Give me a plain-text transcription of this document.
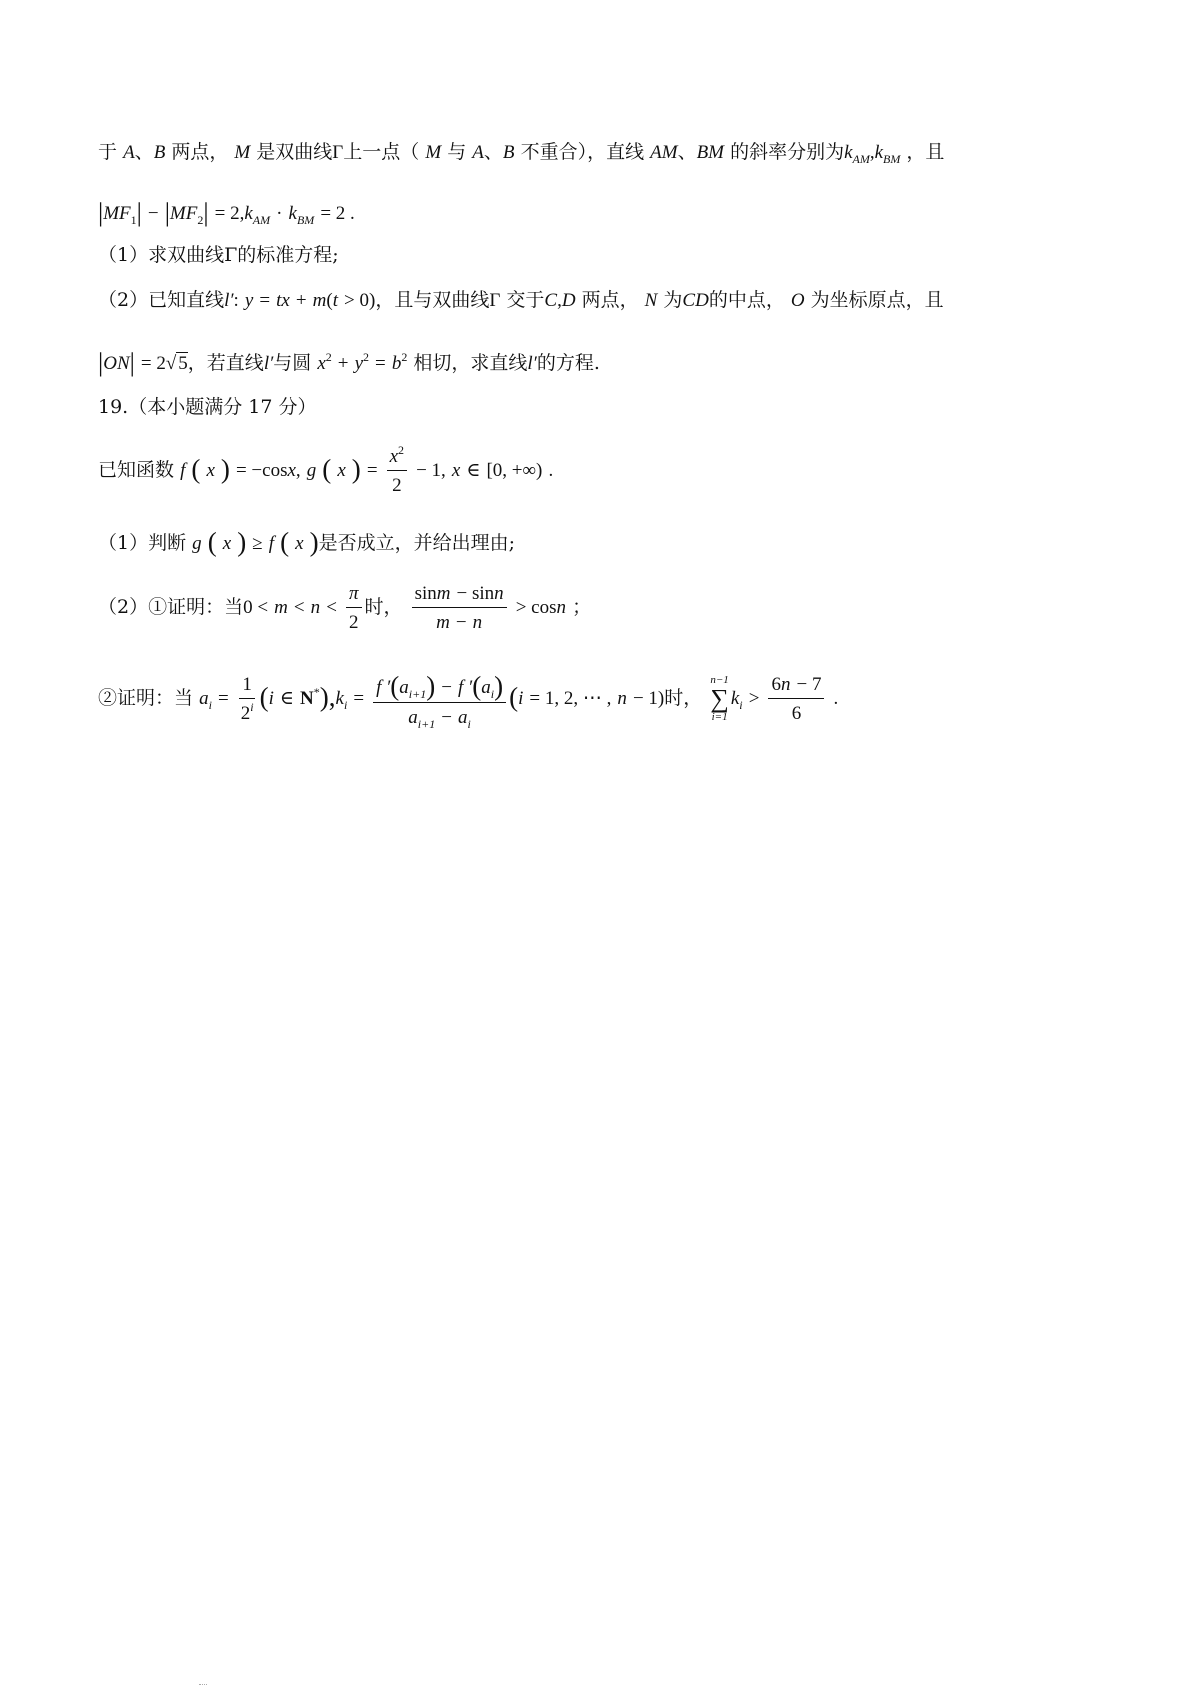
于 A、B 两点， M 是双曲线Γ上一点（ M 与 A、B 不重合），直线 AM、BM 的斜率分别为$k_{AM},k_{BM}$ ，且
$|MF_1| - |MF_2| = 2,k_{AM} \cdot k_{BM} = 2$ .
（1）求双曲线Γ的标准方程;
（2）已知直线l′: y = tx + m(t > 0)，且与双曲线Γ 交于C,D 两点， N 为CD的中点， O 为坐标原点，且
|ON| = 2√ 5，若直线l′与圆 $x^2 + y^2 = b^2$ 相切，求直线l′的方程.
19.（本小题满分 17 分）
已知函数 f ( x ) = −cosx, g ( x ) = $\frac{x^2}{2} - 1$, x ∈ [0, +∞) .
（1）判断 g ( x ) ≥ f ( x )是否成立，并给出理由;
（2）①证明：当$0 < m < n < \frac{\pi}{2}$ 时， $\frac{\sin m - \sin n}{m - n} > \cos n$ ；
②证明：当 $a_i = \frac{1}{2^i} (i$ ∈ $N^*),k_i = \frac{f '(a_{i+1}) - f '(a_i)}{a_{i+1} - a_i} (i = 1$, 2, ⋯ , n − 1)时，
n−1
∑
i=1
$k_i > \frac{6n - 7}{6}$ .
